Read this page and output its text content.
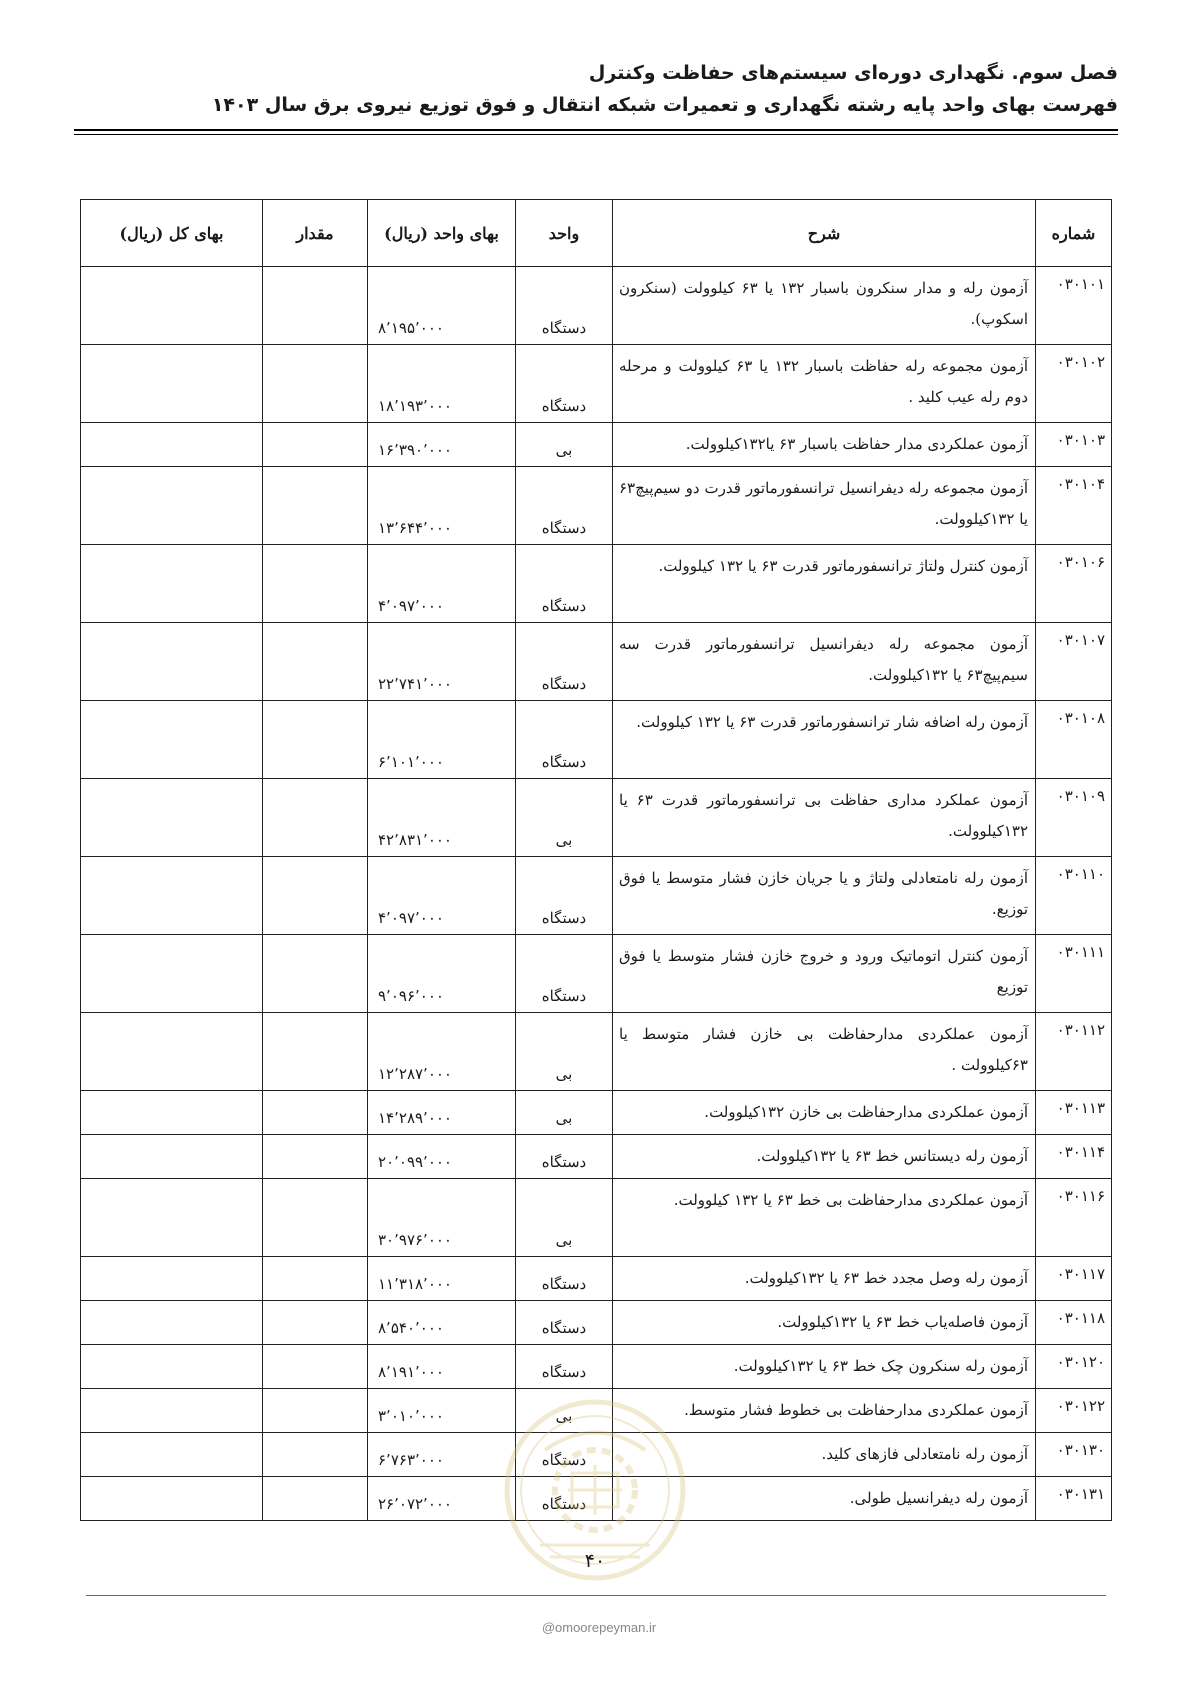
فصل سوم. نگهداری دوره‌ای سیستم‌های حفاظت وکنترل
فهرست بهای واحد پایه رشته نگهداری و تعمیرات شبکه انتقال و فوق توزیع نیروی برق سال ۱۴۰۳
شماره	شرح	واحد	بهای واحد (ریال)	مقدار	بهای کل (ریال)
۰۳۰۱۰۱	آزمون رله و مدار سنکرون باسبار ۱۳۲ یا ۶۳ کیلوولت (سنکرون اسکوپ).	دستگاه	۸٬۱۹۵٬۰۰۰		
۰۳۰۱۰۲	آزمون مجموعه رله حفاظت باسبار ۱۳۲ یا ۶۳ کیلوولت و مرحله دوم رله عیب کلید .	دستگاه	۱۸٬۱۹۳٬۰۰۰		
۰۳۰۱۰۳	آزمون عملکردی مدار حفاظت باسبار ۶۳ یا۱۳۲کیلوولت.	بی	۱۶٬۳۹۰٬۰۰۰		
۰۳۰۱۰۴	آزمون مجموعه رله دیفرانسیل ترانسفورماتور قدرت دو سیم‌پیچ۶۳ یا ۱۳۲کیلوولت.	دستگاه	۱۳٬۶۴۴٬۰۰۰		
۰۳۰۱۰۶	آزمون کنترل ولتاژ ترانسفورماتور قدرت ۶۳ یا ۱۳۲ کیلوولت.	دستگاه	۴٬۰۹۷٬۰۰۰		
۰۳۰۱۰۷	آزمون مجموعه رله دیفرانسیل ترانسفورماتور قدرت سه سیم‌پیچ۶۳ یا ۱۳۲کیلوولت.	دستگاه	۲۲٬۷۴۱٬۰۰۰		
۰۳۰۱۰۸	آزمون رله اضافه شار ترانسفورماتور قدرت ۶۳ یا ۱۳۲ کیلوولت.	دستگاه	۶٬۱۰۱٬۰۰۰		
۰۳۰۱۰۹	آزمون عملکرد مداری حفاظت بی ترانسفورماتور قدرت ۶۳ یا ۱۳۲کیلوولت.	بی	۴۲٬۸۳۱٬۰۰۰		
۰۳۰۱۱۰	آزمون رله نامتعادلی ولتاژ و یا جریان خازن فشار متوسط یا فوق توزیع.	دستگاه	۴٬۰۹۷٬۰۰۰		
۰۳۰۱۱۱	آزمون کنترل اتوماتیک ورود و خروج خازن فشار متوسط یا فوق توزیع	دستگاه	۹٬۰۹۶٬۰۰۰		
۰۳۰۱۱۲	آزمون عملکردی مدارحفاظت بی خازن فشار متوسط یا ۶۳کیلوولت .	بی	۱۲٬۲۸۷٬۰۰۰		
۰۳۰۱۱۳	آزمون عملکردی مدارحفاظت بی خازن ۱۳۲کیلوولت.	بی	۱۴٬۲۸۹٬۰۰۰		
۰۳۰۱۱۴	آزمون رله دیستانس خط ۶۳ یا ۱۳۲کیلوولت.	دستگاه	۲۰٬۰۹۹٬۰۰۰		
۰۳۰۱۱۶	آزمون عملکردی مدارحفاظت بی خط ۶۳ یا ۱۳۲ کیلوولت.	بی	۳۰٬۹۷۶٬۰۰۰		
۰۳۰۱۱۷	آزمون رله وصل مجدد خط ۶۳ یا ۱۳۲کیلوولت.	دستگاه	۱۱٬۳۱۸٬۰۰۰		
۰۳۰۱۱۸	آزمون فاصله‌یاب خط ۶۳ یا ۱۳۲کیلوولت.	دستگاه	۸٬۵۴۰٬۰۰۰		
۰۳۰۱۲۰	آزمون رله سنکرون چک خط ۶۳ یا ۱۳۲کیلوولت.	دستگاه	۸٬۱۹۱٬۰۰۰		
۰۳۰۱۲۲	آزمون عملکردی مدارحفاظت بی خطوط فشار متوسط.	بی	۳٬۰۱۰٬۰۰۰		
۰۳۰۱۳۰	آزمون رله نامتعادلی فازهای کلید.	دستگاه	۶٬۷۶۳٬۰۰۰		
۰۳۰۱۳۱	آزمون رله دیفرانسیل طولی.	دستگاه	۲۶٬۰۷۲٬۰۰۰		
۴۰
@omoorepeyman.ir
